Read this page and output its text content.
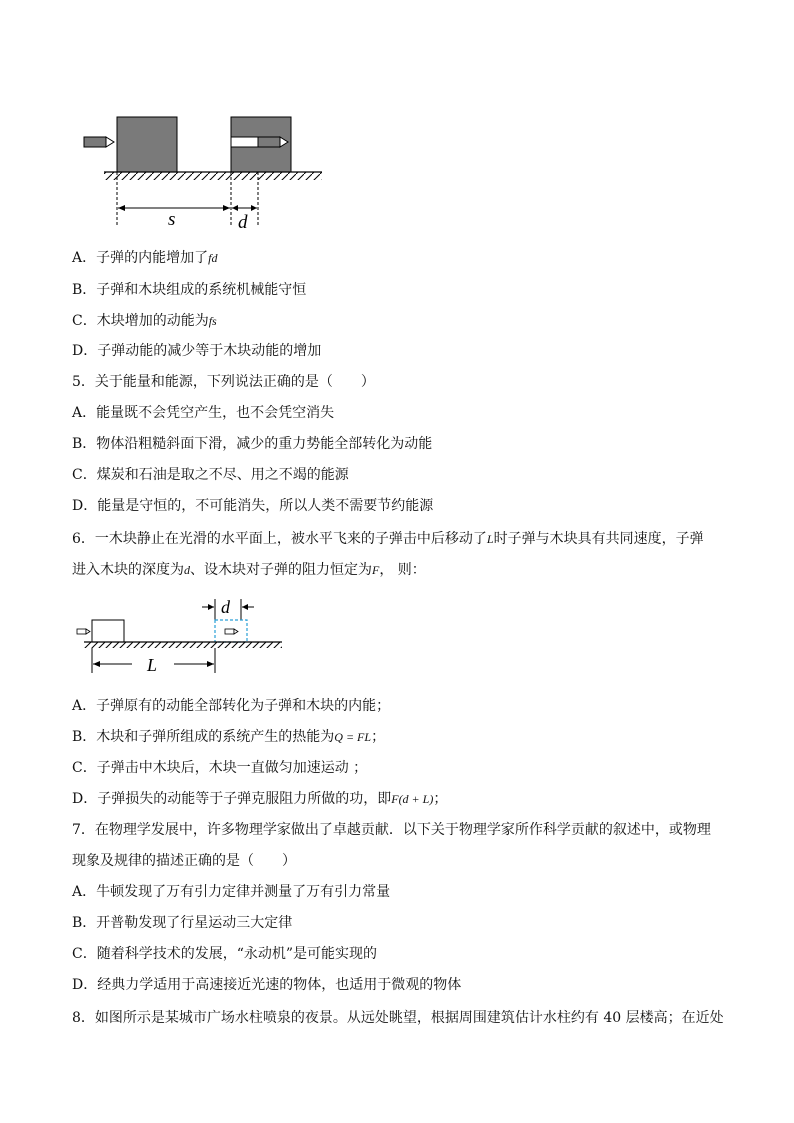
s	d
A．子弹的内能增加了fd
B．子弹和木块组成的系统机械能守恒
C．木块增加的动能为fs
D．子弹动能的减少等于木块动能的增加
5．关于能量和能源，下列说法正确的是（　　）
A．能量既不会凭空产生，也不会凭空消失
B．物体沿粗糙斜面下滑，减少的重力势能全部转化为动能
C．煤炭和石油是取之不尽、用之不竭的能源
D．能量是守恒的，不可能消失，所以人类不需要节约能源
6．一木块静止在光滑的水平面上，被水平飞来的子弹击中后移动了L时子弹与木块具有共同速度，子弹
进入木块的深度为d、设木块对子弹的阻力恒定为F， 则：
d
L
A．子弹原有的动能全部转化为子弹和木块的内能；
B．木块和子弹所组成的系统产生的热能为Q = FL；
C．子弹击中木块后，木块一直做匀加速运动 ；
D．子弹损失的动能等于子弹克服阻力所做的功，即F(d + L)；
7．在物理学发展中，许多物理学家做出了卓越贡献．以下关于物理学家所作科学贡献的叙述中，或物理
现象及规律的描述正确的是（　　）
A．牛顿发现了万有引力定律并测量了万有引力常量
B．开普勒发现了行星运动三大定律
C．随着科学技术的发展，“永动机”是可能实现的
D．经典力学适用于高速接近光速的物体，也适用于微观的物体
8．如图所示是某城市广场水柱喷泉的夜景。从远处眺望，根据周围建筑估计水柱约有 40 层楼高；在近处
